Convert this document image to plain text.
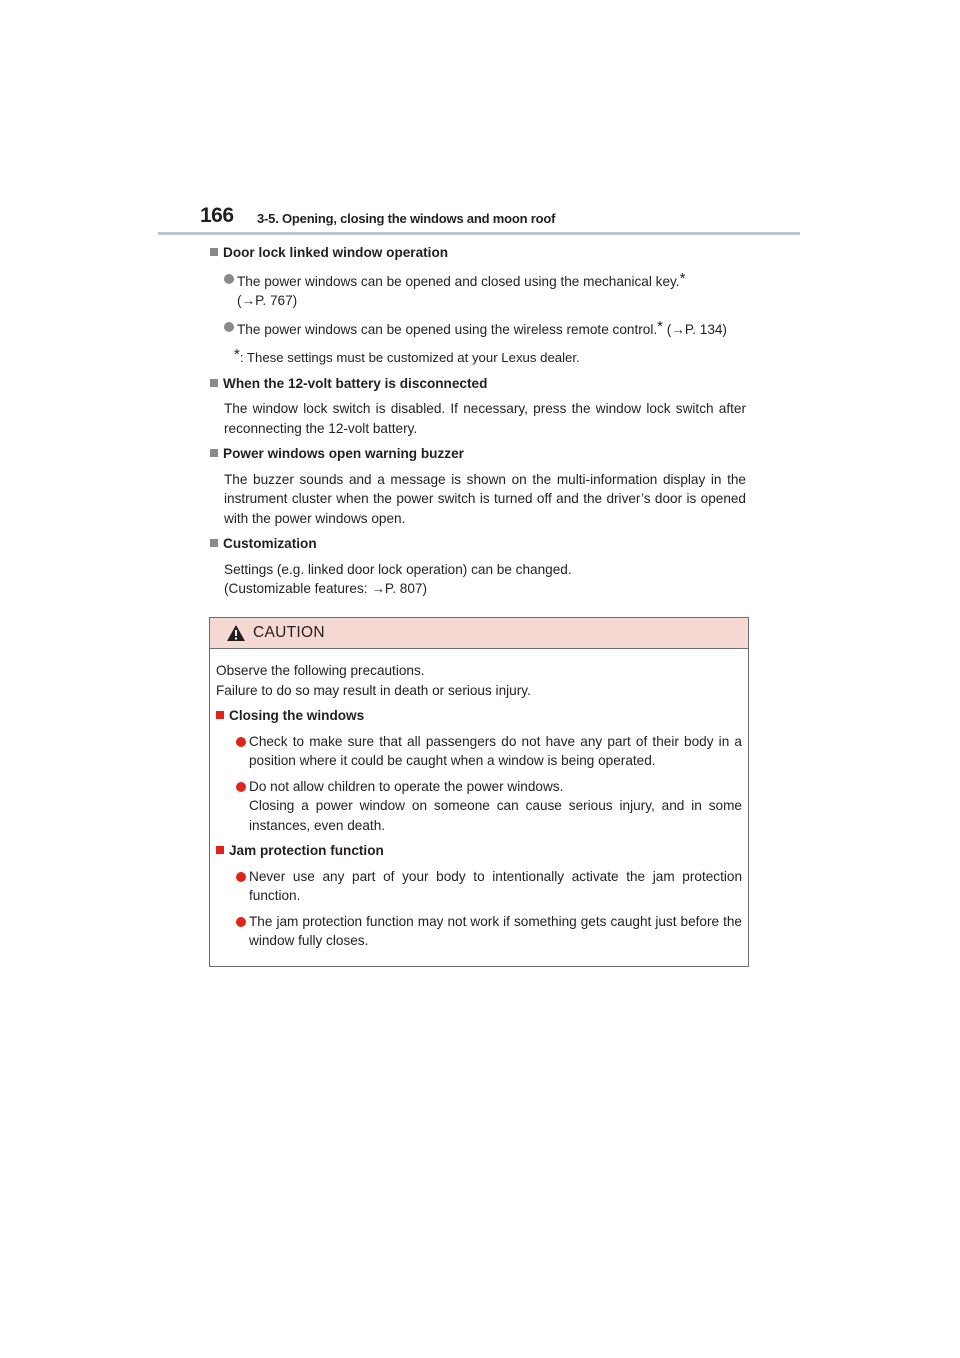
166 3-5. Opening, closing the windows and moon roof
Door lock linked window operation
The power windows can be opened and closed using the mechanical key.*
(→P. 767)
The power windows can be opened using the wireless remote control.* (→P. 134)
*: These settings must be customized at your Lexus dealer.
When the 12-volt battery is disconnected
The window lock switch is disabled. If necessary, press the window lock switch after reconnecting the 12-volt battery.
Power windows open warning buzzer
The buzzer sounds and a message is shown on the multi-information display in the instrument cluster when the power switch is turned off and the driver’s door is opened with the power windows open.
Customization
Settings (e.g. linked door lock operation) can be changed.
(Customizable features: →P. 807)
CAUTION
Observe the following precautions.
Failure to do so may result in death or serious injury.
Closing the windows
Check to make sure that all passengers do not have any part of their body in a position where it could be caught when a window is being operated.
Do not allow children to operate the power windows.
Closing a power window on someone can cause serious injury, and in some instances, even death.
Jam protection function
Never use any part of your body to intentionally activate the jam protection function.
The jam protection function may not work if something gets caught just before the window fully closes.
